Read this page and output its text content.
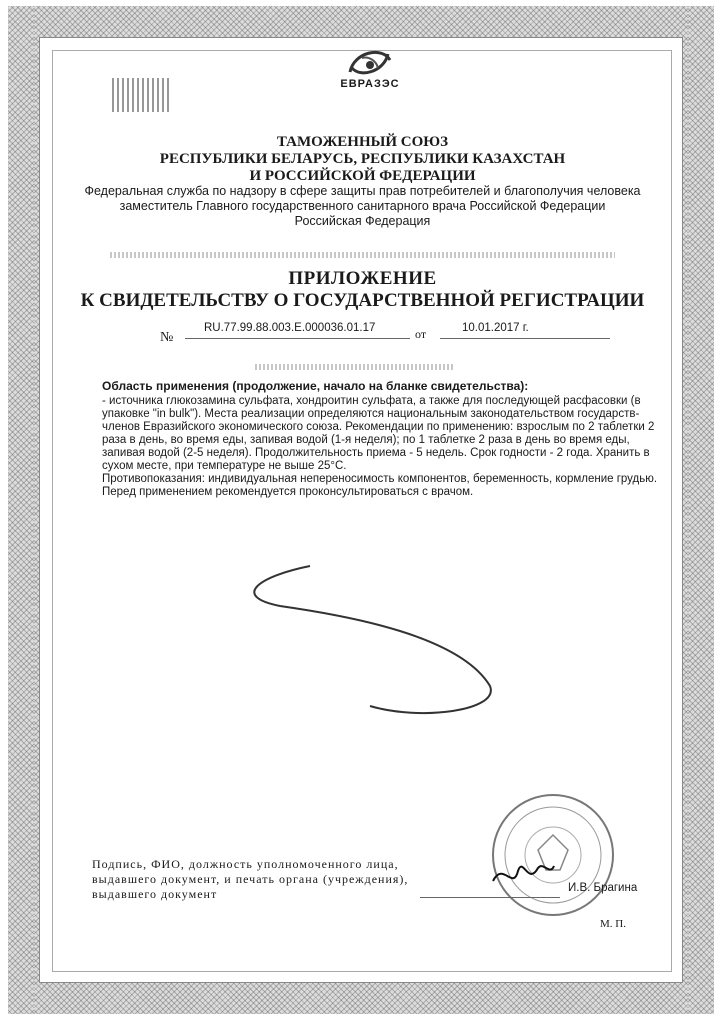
ЕВРАЗЭС
ТАМОЖЕННЫЙ СОЮЗ
РЕСПУБЛИКИ БЕЛАРУСЬ, РЕСПУБЛИКИ КАЗАХСТАН
И РОССИЙСКОЙ ФЕДЕРАЦИИ
Федеральная служба по надзору в сфере защиты прав потребителей и благополучия человека
заместитель Главного государственного санитарного врача Российской Федерации
Российская Федерация
ПРИЛОЖЕНИЕ
К СВИДЕТЕЛЬСТВУ О ГОСУДАРСТВЕННОЙ РЕГИСТРАЦИИ
№
RU.77.99.88.003.Е.000036.01.17	от	10.01.2017 г.
Область применения (продолжение, начало на бланке свидетельства):

- источника глюкозамина сульфата, хондроитин сульфата, а также для последующей расфасовки (в упаковке "in bulk"). Места реализации определяются национальным законодательством государств-членов Евразийского экономического союза. Рекомендации по применению: взрослым по 2 таблетки 2 раза в день, во время еды, запивая водой (1-я неделя); по 1 таблетке 2 раза в день во время еды, запивая водой (2-5 неделя). Продолжительность приема - 5 недель. Срок годности - 2 года. Хранить в сухом месте, при температуре не выше 25°С.

Противопоказания: индивидуальная непереносимость компонентов, беременность, кормление грудью. Перед применением рекомендуется проконсультироваться с врачом.

Подпись, ФИО, должность уполномоченного лица, выдавшего документ, и печать органа (учреждения), выдавшего документ	И.В. Брагина
М. П.
